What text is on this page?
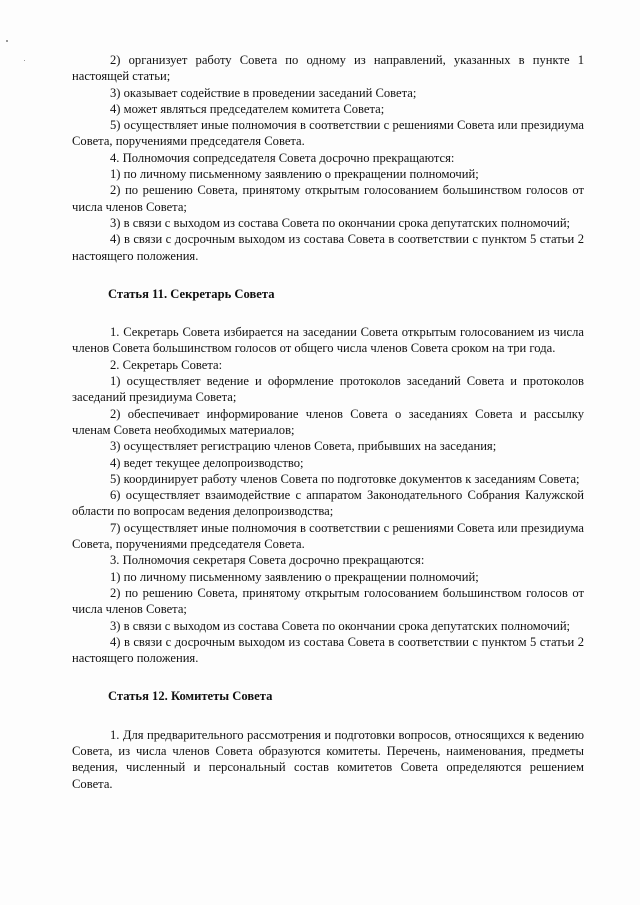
2) организует работу Совета по одному из направлений, указанных в пункте 1 настоящей статьи;

3) оказывает содействие в проведении заседаний Совета;

4) может являться председателем комитета Совета;

5) осуществляет иные полномочия в соответствии с решениями Совета или президиума Совета, поручениями председателя Совета.

4. Полномочия сопредседателя Совета досрочно прекращаются:

1) по личному письменному заявлению о прекращении полномочий;

2) по решению Совета, принятому открытым голосованием большинством голосов от числа членов Совета;

3) в связи с выходом из состава Совета по окончании срока депутатских полномочий;

4) в связи с досрочным выходом из состава Совета в соответствии с пунктом 5 статьи 2 настоящего положения.

Статья 11. Секретарь Совета

1. Секретарь Совета избирается на заседании Совета открытым голосованием из числа членов Совета большинством голосов от общего числа членов Совета сроком на три года.

2. Секретарь Совета:

1) осуществляет ведение и оформление протоколов заседаний Совета и протоколов заседаний президиума Совета;

2) обеспечивает информирование членов Совета о заседаниях Совета и рассылку членам Совета необходимых материалов;

3) осуществляет регистрацию членов Совета, прибывших на заседания;

4) ведет текущее делопроизводство;

5) координирует работу членов Совета по подготовке документов к заседаниям Совета;

6) осуществляет взаимодействие с аппаратом Законодательного Собрания Калужской области по вопросам ведения делопроизводства;

7) осуществляет иные полномочия в соответствии с решениями Совета или президиума Совета, поручениями председателя Совета.

3. Полномочия секретаря Совета досрочно прекращаются:

1) по личному письменному заявлению о прекращении полномочий;

2) по решению Совета, принятому открытым голосованием большинством голосов от числа членов Совета;

3) в связи с выходом из состава Совета по окончании срока депутатских полномочий;

4) в связи с досрочным выходом из состава Совета в соответствии с пунктом 5 статьи 2 настоящего положения.

Статья 12. Комитеты Совета

1. Для предварительного рассмотрения и подготовки вопросов, относящихся к ведению Совета, из числа членов Совета образуются комитеты. Перечень, наименования, предметы ведения, численный и персональный состав комитетов Совета определяются решением Совета.
